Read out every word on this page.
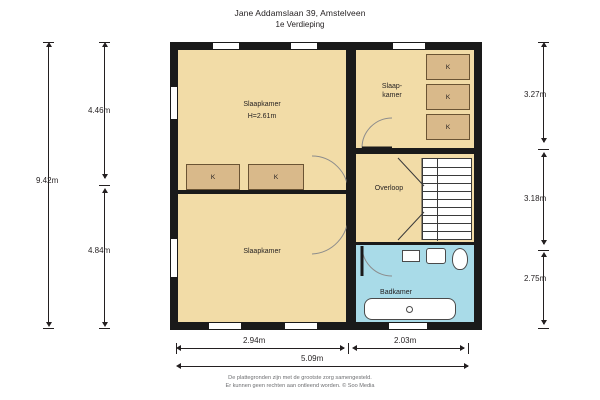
Jane Addamslaan 39, Amstelveen
1e Verdieping
Slaapkamer
H=2.61m
K	K
Slaapkamer
Slaap-
kamer
K
K
K
Overloop
Badkamer
9.42m
4.46m
4.84m
3.27m
3.18m
2.75m
2.94m	2.03m
5.09m
De plattegronden zijn met de grootste zorg samengesteld.
Er kunnen geen rechten aan ontleend worden. © Soo Media
